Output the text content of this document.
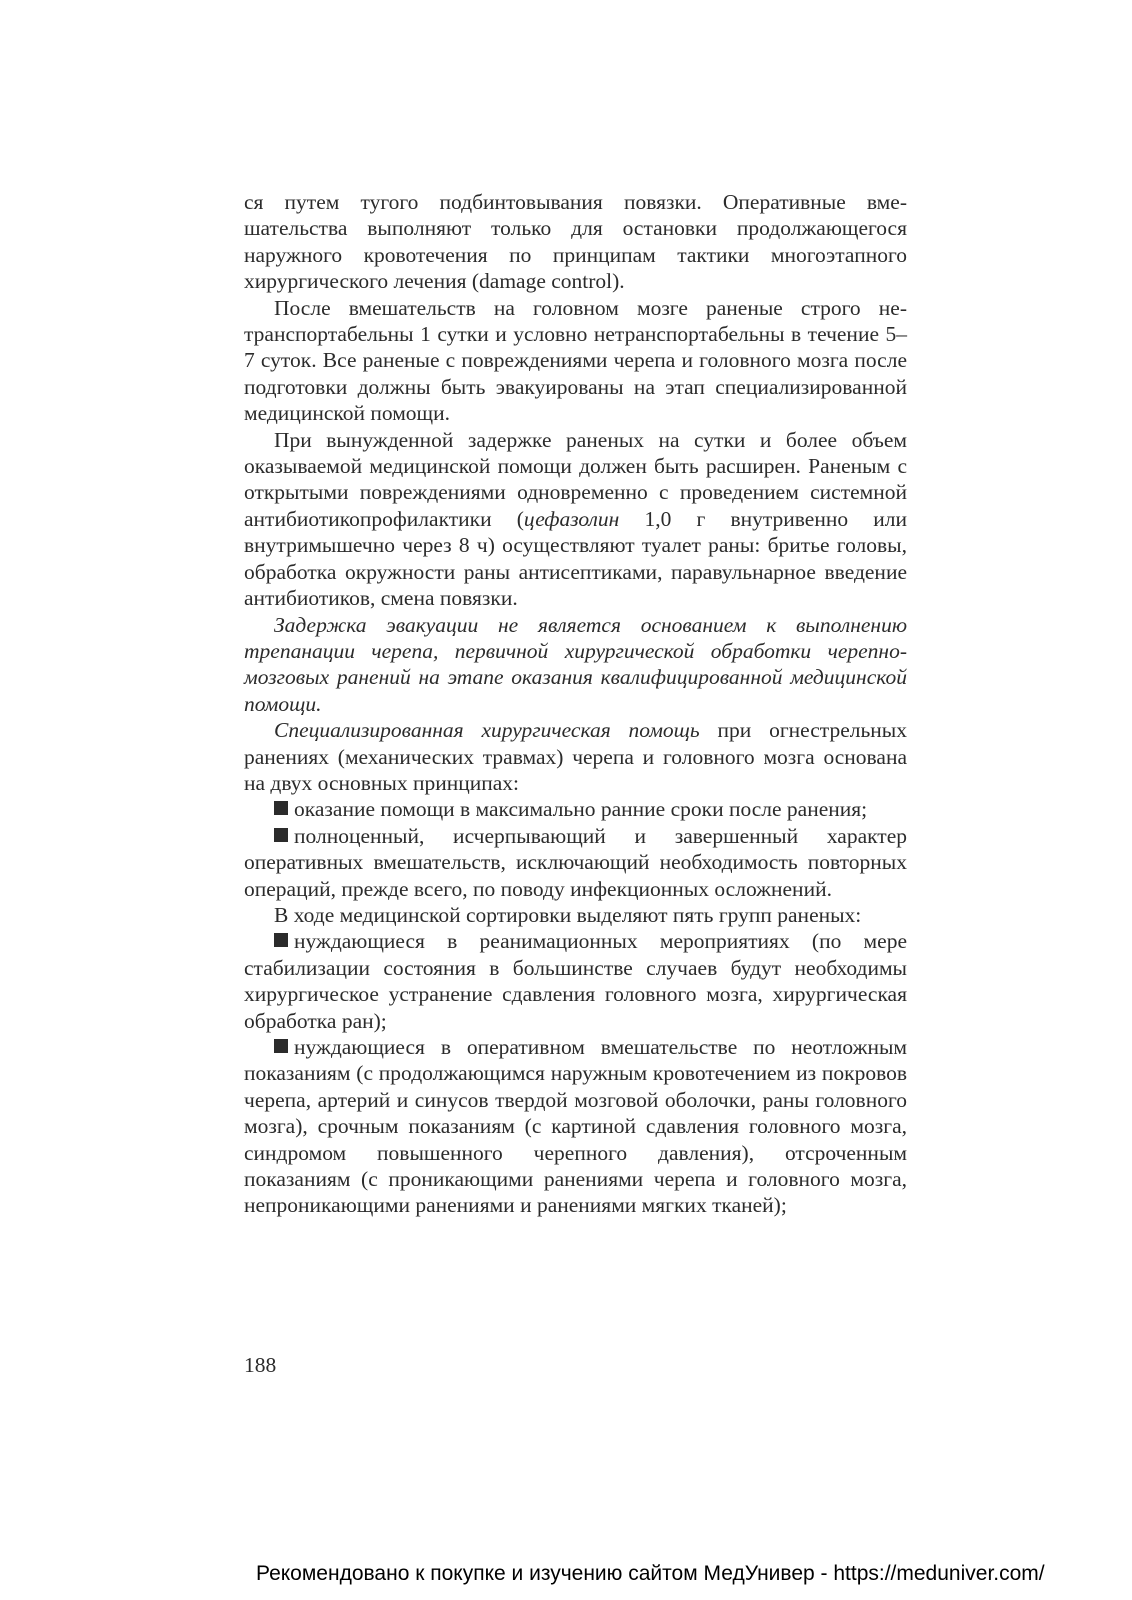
ся путем тугого подбинтовывания повязки. Оперативные вмешательства выполняют только для остановки продолжающегося наружного кровотечения по принципам тактики многоэтапного хирургического лечения (damage control).

После вмешательств на головном мозге раненые строго нетранспортабельны 1 сутки и условно нетранспортабельны в течение 5–7 суток. Все раненые с повреждениями черепа и головного мозга после подготовки должны быть эвакуированы на этап специализированной медицинской помощи.

При вынужденной задержке раненых на сутки и более объем оказываемой медицинской помощи должен быть расширен. Раненым с открытыми повреждениями одновременно с проведением системной антибиотикопрофилактики (цефазолин 1,0 г внутривенно или внутримышечно через 8 ч) осуществляют туалет раны: бритье головы, обработка окружности раны антисептиками, паравульнарное введение антибиотиков, смена повязки.

Задержка эвакуации не является основанием к выполнению трепанации черепа, первичной хирургической обработки черепно-мозговых ранений на этапе оказания квалифицированной медицинской помощи.

Специализированная хирургическая помощь при огнестрельных ранениях (механических травмах) черепа и головного мозга основана на двух основных принципах:

оказание помощи в максимально ранние сроки после ранения;

полноценный, исчерпывающий и завершенный характер оперативных вмешательств, исключающий необходимость повторных операций, прежде всего, по поводу инфекционных осложнений.

В ходе медицинской сортировки выделяют пять групп раненых:

нуждающиеся в реанимационных мероприятиях (по мере стабилизации состояния в большинстве случаев будут необходимы хирургическое устранение сдавления головного мозга, хирургическая обработка ран);

нуждающиеся в оперативном вмешательстве по неотложным показаниям (с продолжающимся наружным кровотечением из покровов черепа, артерий и синусов твердой мозговой оболочки, раны головного мозга), срочным показаниям (с картиной сдавления головного мозга, синдромом повышенного черепного давления), отсроченным показаниям (с проникающими ранениями черепа и головного мозга, непроникающими ранениями и ранениями мягких тканей);

188
Рекомендовано к покупке и изучению сайтом МедУнивер - https://meduniver.com/
